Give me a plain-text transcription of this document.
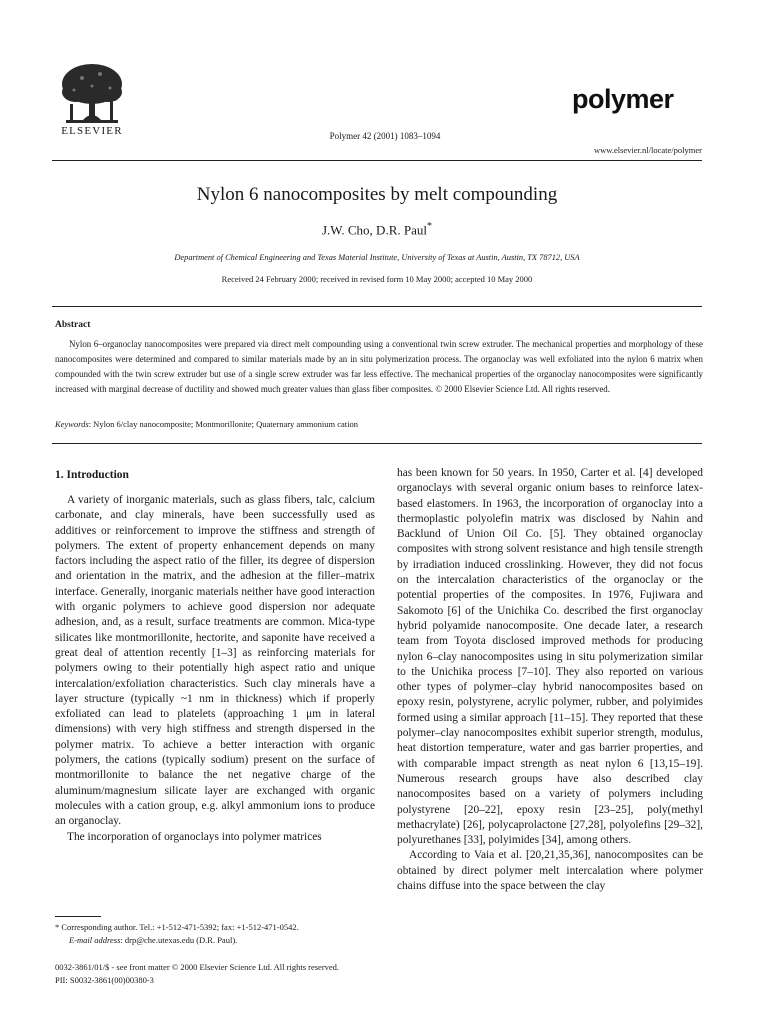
ELSEVIER	Polymer 42 (2001) 1083–1094
polymer
www.elsevier.nl/locate/polymer
Nylon 6 nanocomposites by melt compounding
J.W. Cho, D.R. Paul*
Department of Chemical Engineering and Texas Material Institute, University of Texas at Austin, Austin, TX 78712, USA
Received 24 February 2000; received in revised form 10 May 2000; accepted 10 May 2000
Abstract
Nylon 6–organoclay nanocomposites were prepared via direct melt compounding using a conventional twin screw extruder. The mechanical properties and morphology of these nanocomposites were determined and compared to similar materials made by an in situ polymerization process. The organoclay was well exfoliated into the nylon 6 matrix when compounded with the twin screw extruder but use of a single screw extruder was far less effective. The mechanical properties of the organoclay nanocomposites were significantly increased with marginal decrease of ductility and showed much greater values than glass fiber composites. © 2000 Elsevier Science Ltd. All rights reserved.
Keywords: Nylon 6/clay nanocomposite; Montmorillonite; Quaternary ammonium cation
1. Introduction

A variety of inorganic materials, such as glass fibers, talc, calcium carbonate, and clay minerals, have been successfully used as additives or reinforcement to improve the stiffness and strength of polymers. The extent of property enhancement depends on many factors including the aspect ratio of the filler, its degree of dispersion and orientation in the matrix, and the adhesion at the filler–matrix interface. Generally, inorganic materials neither have good interaction with organic polymers to achieve good dispersion nor adequate adhesion, and, as a result, surface treatments are common. Mica-type silicates like montmorillonite, hectorite, and saponite have received a great deal of attention recently [1–3] as reinforcing materials for polymers owing to their potentially high aspect ratio and unique intercalation/exfoliation characteristics. Such clay minerals have a layer structure (typically ~1 nm in thickness) which if properly exfoliated can lead to platelets (approaching 1 μm in lateral dimensions) with very high stiffness and strength dispersed in the polymer matrix. To achieve a better interaction with organic polymers, the cations (typically sodium) present on the surface of montmorillonite to balance the net negative charge of the aluminum/magnesium silicate layer are exchanged with organic molecules with a cation group, e.g. alkyl ammonium ions to produce an organoclay.

The incorporation of organoclays into polymer matrices

has been known for 50 years. In 1950, Carter et al. [4] developed organoclays with several organic onium bases to reinforce latex-based elastomers. In 1963, the incorporation of organoclay into a thermoplastic polyolefin matrix was disclosed by Nahin and Backlund of Union Oil Co. [5]. They obtained organoclay composites with strong solvent resistance and high tensile strength by irradiation induced crosslinking. However, they did not focus on the intercalation characteristics of the organoclay or the potential properties of the composites. In 1976, Fujiwara and Sakomoto [6] of the Unichika Co. described the first organoclay hybrid polyamide nanocomposite. One decade later, a research team from Toyota disclosed improved methods for producing nylon 6–clay nanocomposites using in situ polymerization similar to the Unichika process [7–10]. They also reported on various other types of polymer–clay hybrid nanocomposites based on epoxy resin, polystyrene, acrylic polymer, rubber, and polyimides formed using a similar approach [11–15]. They reported that these polymer–clay nanocomposites exhibit superior strength, modulus, heat distortion temperature, water and gas barrier properties, and with comparable impact strength as neat nylon 6 [13,15–19]. Numerous research groups have also described clay nanocomposites based on a variety of polymers including polystyrene [20–22], epoxy resin [23–25], poly(methyl methacrylate) [26], polycaprolactone [27,28], polyolefins [29–32], polyurethanes [33], polyimides [34], among others.

According to Vaia et al. [20,21,35,36], nanocomposites can be obtained by direct polymer melt intercalation where polymer chains diffuse into the space between the clay

* Corresponding author. Tel.: +1-512-471-5392; fax: +1-512-471-0542.
E-mail address: drp@che.utexas.edu (D.R. Paul).
0032-3861/01/$ - see front matter © 2000 Elsevier Science Ltd. All rights reserved.
PII: S0032-3861(00)00380-3
